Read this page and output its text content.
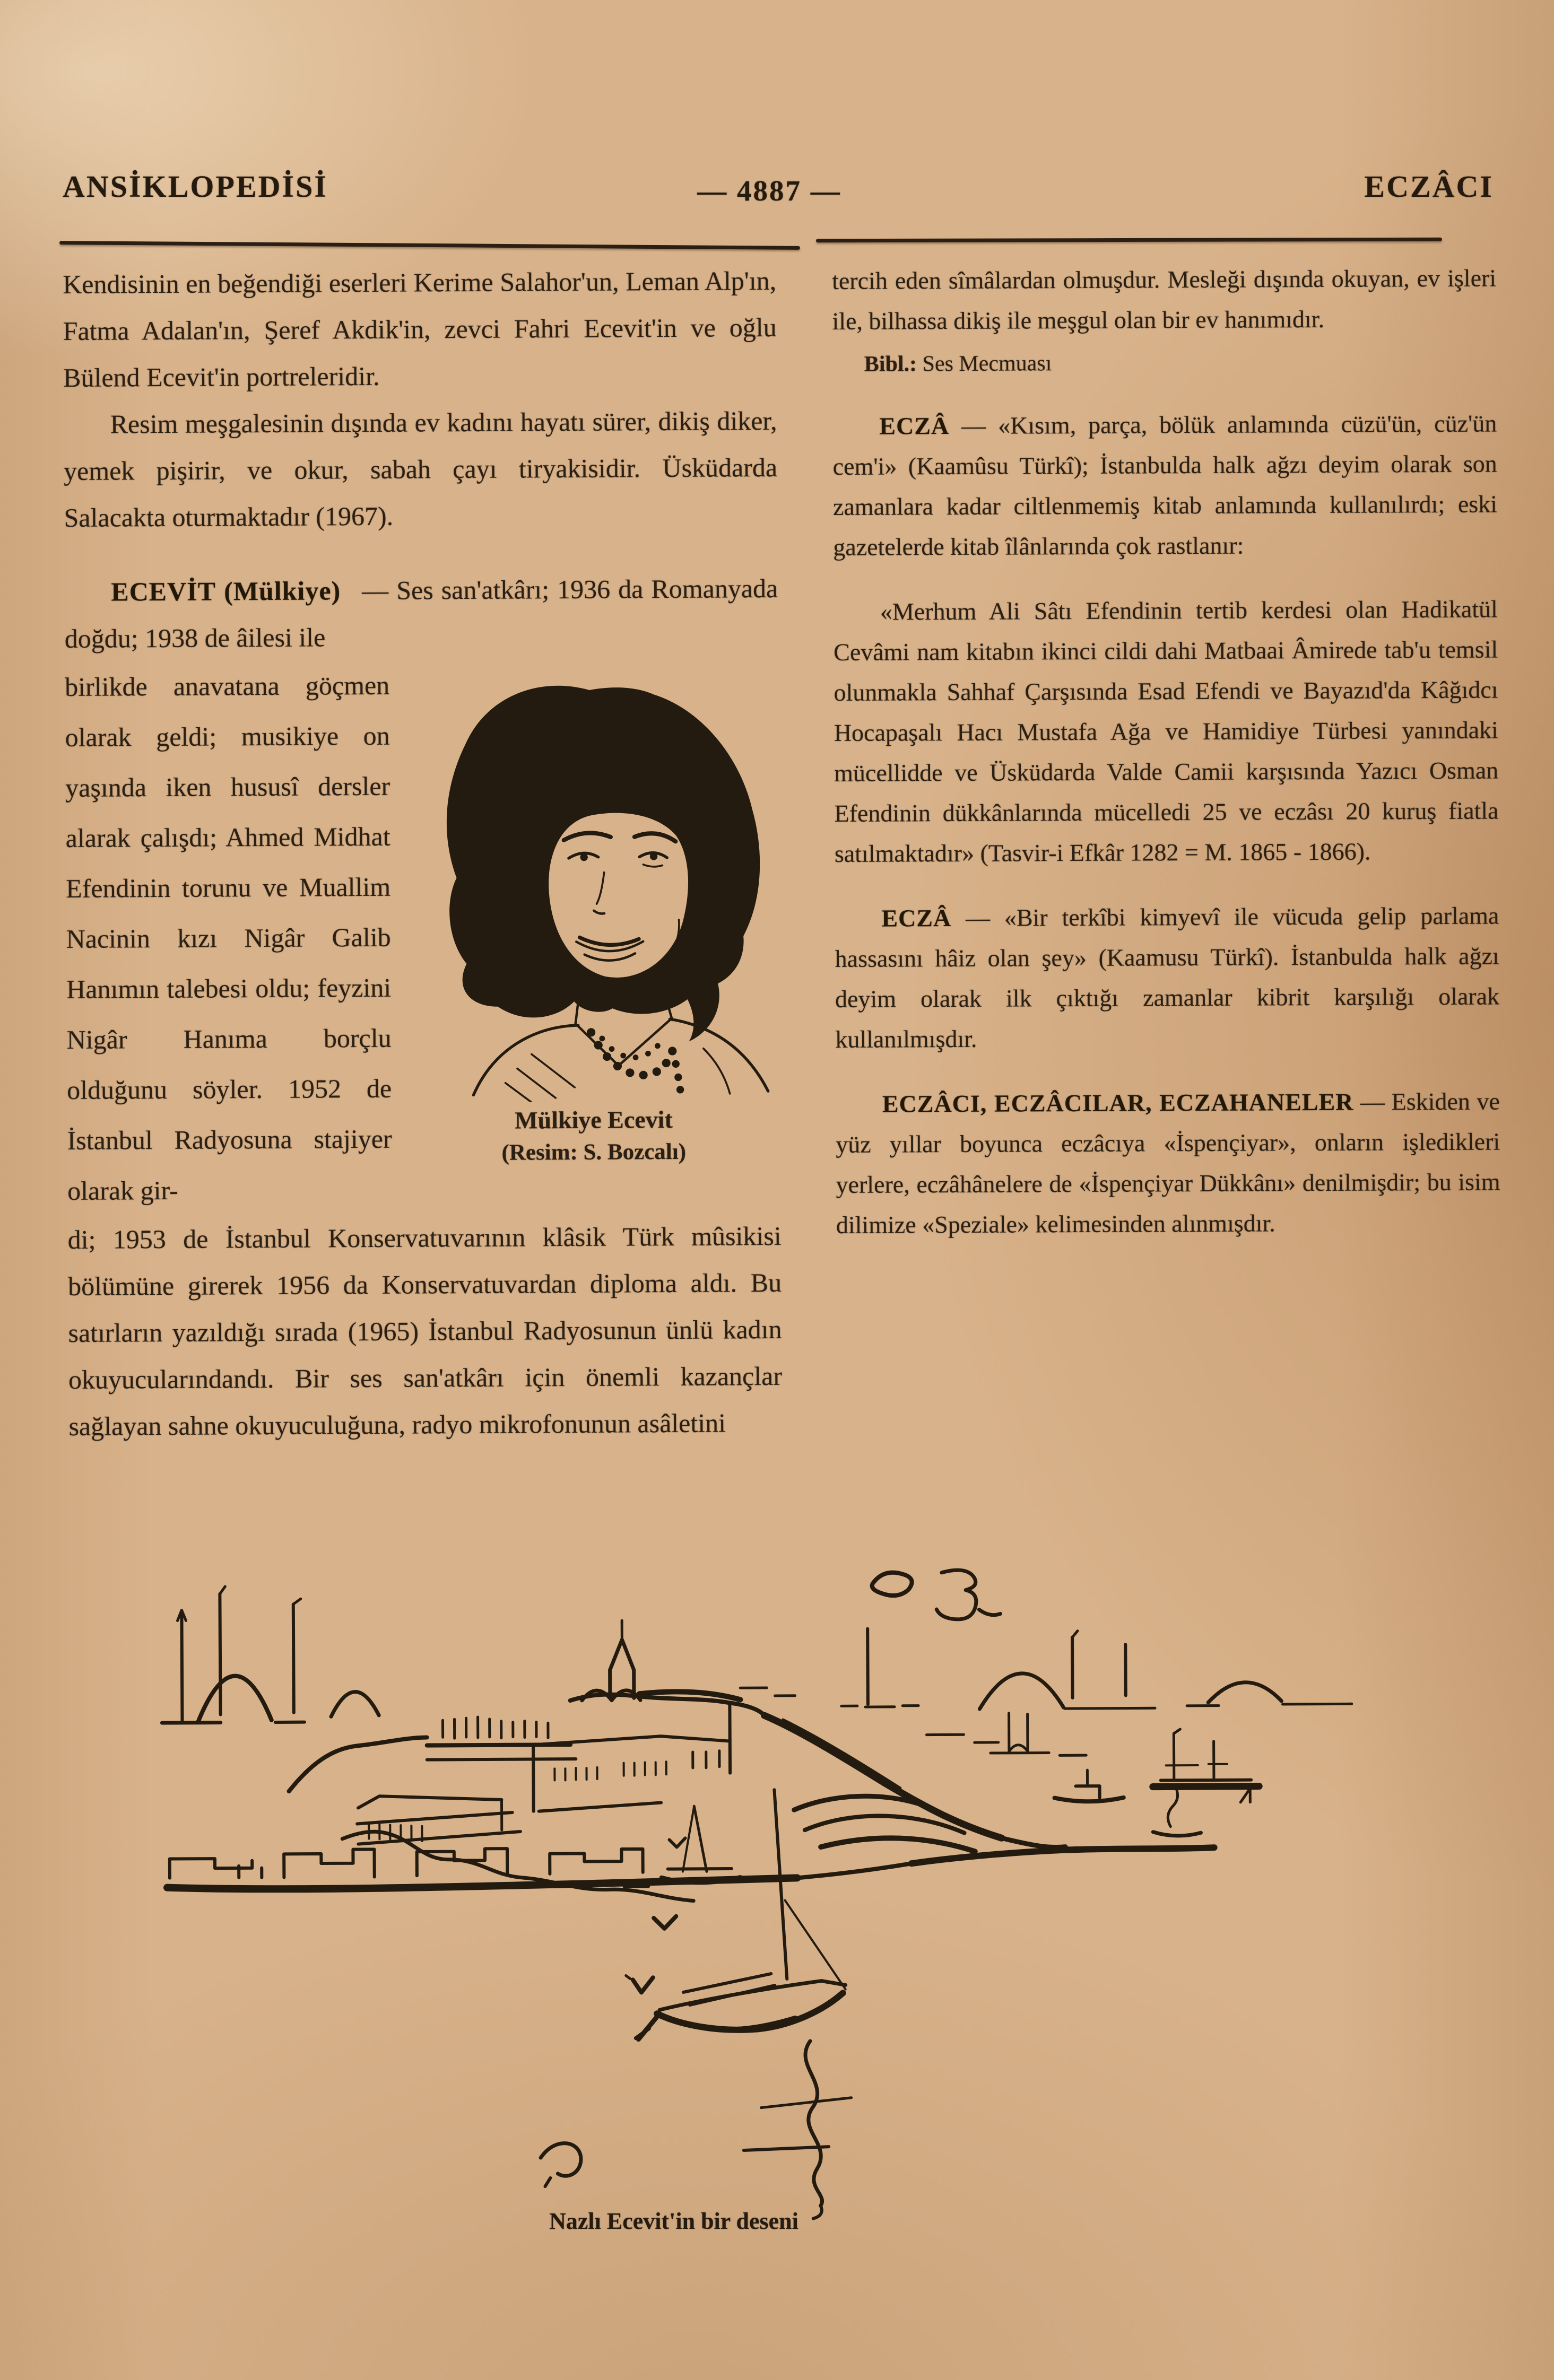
ANSİKLOPEDİSİ	— 4887 —	ECZÂCI

Kendisinin en beğendiği eserleri Kerime Salahor'un, Leman Alp'ın, Fatma Adalan'ın, Şeref Akdik'in, zevci Fahri Ecevit'in ve oğlu Bülend Ecevit'in portreleridir.

Resim meşgalesinin dışında ev kadını hayatı sürer, dikiş diker, yemek pişirir, ve okur, sabah çayı tiryakisidir. Üsküdarda Salacakta oturmaktadır (1967).

ECEVİT (Mülkiye) — Ses san'atkârı; 1936 da Romanyada doğdu; 1938 de âilesi ile

birlikde anavatana göçmen olarak geldi; musikiye on yaşında iken hususî dersler alarak çalışdı; Ahmed Midhat Efendinin torunu ve Muallim Nacinin kızı Nigâr Galib Hanımın talebesi oldu; feyzini Nigâr Hanıma borçlu olduğunu söyler. 1952 de İstanbul Radyosuna stajiyer olarak gir-

Mülkiye Ecevit
(Resim: S. Bozcalı)

di; 1953 de İstanbul Konservatuvarının klâsik Türk mûsikisi bölümüne girerek 1956 da Konservatuvardan diploma aldı. Bu satırların yazıldığı sırada (1965) İstanbul Radyosunun ünlü kadın okuyucularındandı. Bir ses san'atkârı için önemli kazançlar sağlayan sahne okuyuculuğuna, radyo mikrofonunun asâletini

tercih eden sîmâlardan olmuşdur. Mesleği dışında okuyan, ev işleri ile, bilhassa dikiş ile meşgul olan bir ev hanımıdır.

Bibl.: Ses Mecmuası

ECZÂ — «Kısım, parça, bölük anlamında cüzü'ün, cüz'ün cem'i» (Kaamûsu Türkî); İstanbulda halk ağzı deyim olarak son zamanlara kadar ciltlenmemiş kitab anlamında kullanılırdı; eski gazetelerde kitab îlânlarında çok rastlanır:

«Merhum Ali Sâtı Efendinin tertib kerdesi olan Hadikatül Cevâmi nam kitabın ikinci cildi dahi Matbaai Âmirede tab'u temsil olunmakla Sahhaf Çarşısında Esad Efendi ve Bayazıd'da Kâğıdcı Hocapaşalı Hacı Mustafa Ağa ve Hamidiye Türbesi yanındaki mücellidde ve Üsküdarda Valde Camii karşısında Yazıcı Osman Efendinin dükkânlarında mücelledi 25 ve eczâsı 20 kuruş fiatla satılmaktadır» (Tasvir-i Efkâr 1282 = M. 1865 - 1866).

ECZÂ — «Bir terkîbi kimyevî ile vücuda gelip parlama hassasını hâiz olan şey» (Kaamusu Türkî). İstanbulda halk ağzı deyim olarak ilk çıktığı zamanlar kibrit karşılığı olarak kullanılmışdır.

ECZÂCI, ECZÂCILAR, ECZAHANELER — Eskiden ve yüz yıllar boyunca eczâcıya «İspençiyar», onların işledikleri yerlere, eczâhânelere de «İspençiyar Dükkânı» denilmişdir; bu isim dilimize «Speziale» kelimesinden alınmışdır.

Nazlı Ecevit'in bir deseni
